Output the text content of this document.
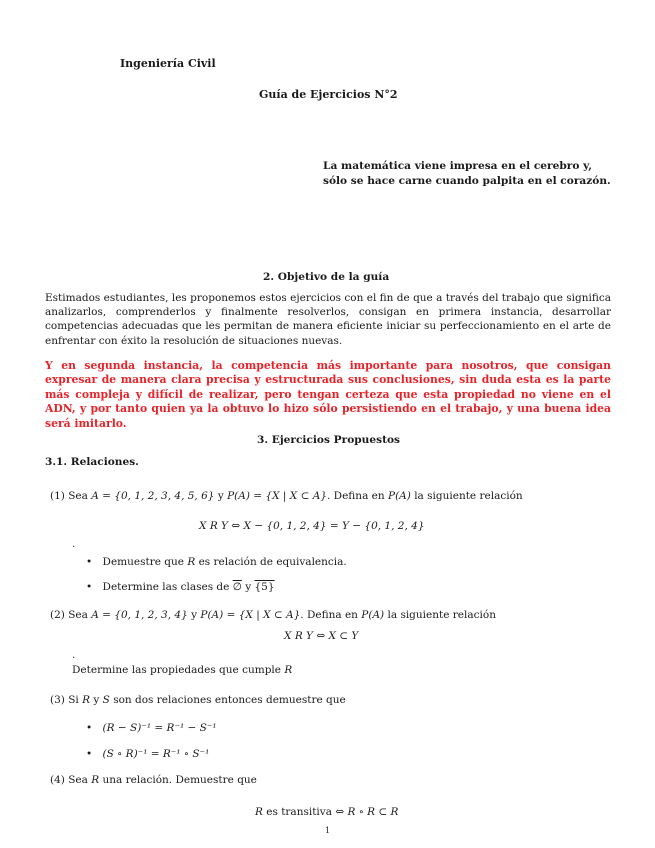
Ingeniería Civil
Guía de Ejercicios N°2
La matemática viene impresa en el cerebro y,
sólo se hace carne cuando palpita en el corazón.
2. Objetivo de la guía
Estimados estudiantes, les proponemos estos ejercicios con el fin de que a través del trabajo que significa analizarlos, comprenderlos y finalmente resolverlos, consigan en primera instancia, desarrollar competencias adecuadas que les permitan de manera eficiente iniciar su perfeccionamiento en el arte de enfrentar con éxito la resolución de situaciones nuevas.
Y en segunda instancia, la competencia más importante para nosotros, que consigan expresar de manera clara precisa y estructurada sus conclusiones, sin duda esta es la parte más compleja y difícil de realizar, pero tengan certeza que esta propiedad no viene en el ADN, y por tanto quien ya la obtuvo lo hizo sólo persistiendo en el trabajo, y una buena idea será imitarlo.
3. Ejercicios Propuestos
3.1. Relaciones.
(1) Sea A = {0, 1, 2, 3, 4, 5, 6} y P(A) = {X | X ⊂ A}. Defina en P(A) la siguiente relación
X R Y ⇔ X − {0, 1, 2, 4} = Y − {0, 1, 2, 4}
.
• Demuestre que R es relación de equivalencia.
• Determine las clases de ∅ y {5}
(2) Sea A = {0, 1, 2, 3, 4} y P(A) = {X | X ⊂ A}. Defina en P(A) la siguiente relación
X R Y ⇔ X ⊂ Y
.
Determine las propiedades que cumple R
(3) Si R y S son dos relaciones entonces demuestre que
• (R − S)⁻¹ = R⁻¹ − S⁻¹
• (S ∘ R)⁻¹ = R⁻¹ ∘ S⁻¹
(4) Sea R una relación. Demuestre que
R es transitiva ⇔ R ∘ R ⊂ R
1
